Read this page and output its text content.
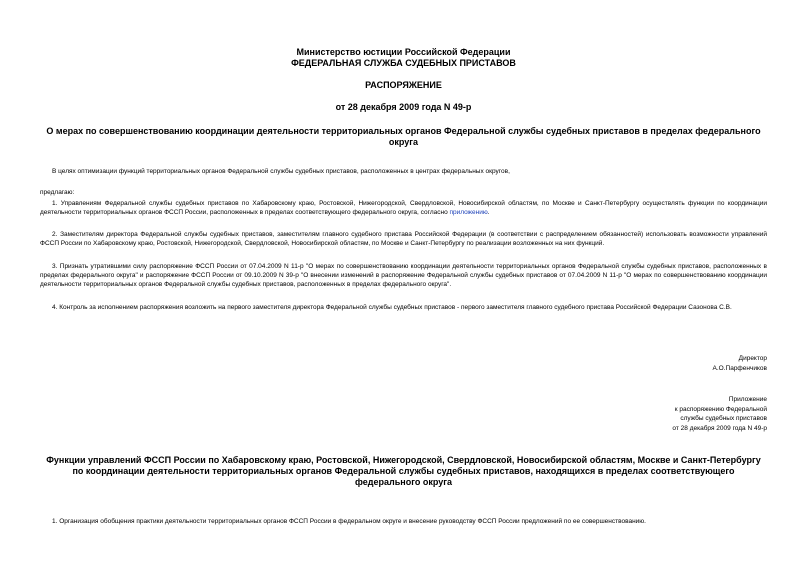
Министерство юстиции Российской Федерации
ФЕДЕРАЛЬНАЯ СЛУЖБА СУДЕБНЫХ ПРИСТАВОВ
РАСПОРЯЖЕНИЕ
от 28 декабря 2009 года N 49-р
О мерах по совершенствованию координации деятельности территориальных органов Федеральной службы судебных приставов в пределах федерального округа
В целях оптимизации функций территориальных органов Федеральной службы судебных приставов, расположенных в центрах федеральных округов,
предлагаю:
1. Управлениям Федеральной службы судебных приставов по Хабаровскому краю, Ростовской, Нижегородской, Свердловской, Новосибирской областям, по Москве и Санкт-Петербургу осуществлять функции по координации деятельности территориальных органов ФССП России, расположенных в пределах соответствующего федерального округа, согласно приложению.
2. Заместителям директора Федеральной службы судебных приставов, заместителям главного судебного пристава Российской Федерации (в соответствии с распределением обязанностей) использовать возможности управлений ФССП России по Хабаровскому краю, Ростовской, Нижегородской, Свердловской, Новосибирской областям, по Москве и Санкт-Петербургу по реализации возложенных на них функций.
3. Признать утратившими силу распоряжение ФССП России от 07.04.2009 N 11-р "О мерах по совершенствованию координации деятельности территориальных органов Федеральной службы судебных приставов, расположенных в пределах федерального округа" и распоряжение ФССП России от 09.10.2009 N 39-р "О внесении изменений в распоряжение Федеральной службы судебных приставов от 07.04.2009 N 11-р "О мерах по совершенствованию координации деятельности территориальных органов Федеральной службы судебных приставов, расположенных в пределах федерального округа".
4. Контроль за исполнением распоряжения возложить на первого заместителя директора Федеральной службы судебных приставов - первого заместителя главного судебного пристава Российской Федерации Сазонова С.В.
Директор
А.О.Парфенчиков
Приложение
к распоряжению Федеральной
службы судебных приставов
от 28 декабря 2009 года N 49-р
Функции управлений ФССП России по Хабаровскому краю, Ростовской, Нижегородской, Свердловской, Новосибирской областям, Москве и Санкт-Петербургу по координации деятельности территориальных органов Федеральной службы судебных приставов, находящихся в пределах соответствующего федерального округа
1. Организация обобщения практики деятельности территориальных органов ФССП России в федеральном округе и внесение руководству ФССП России предложений по ее совершенствованию.
